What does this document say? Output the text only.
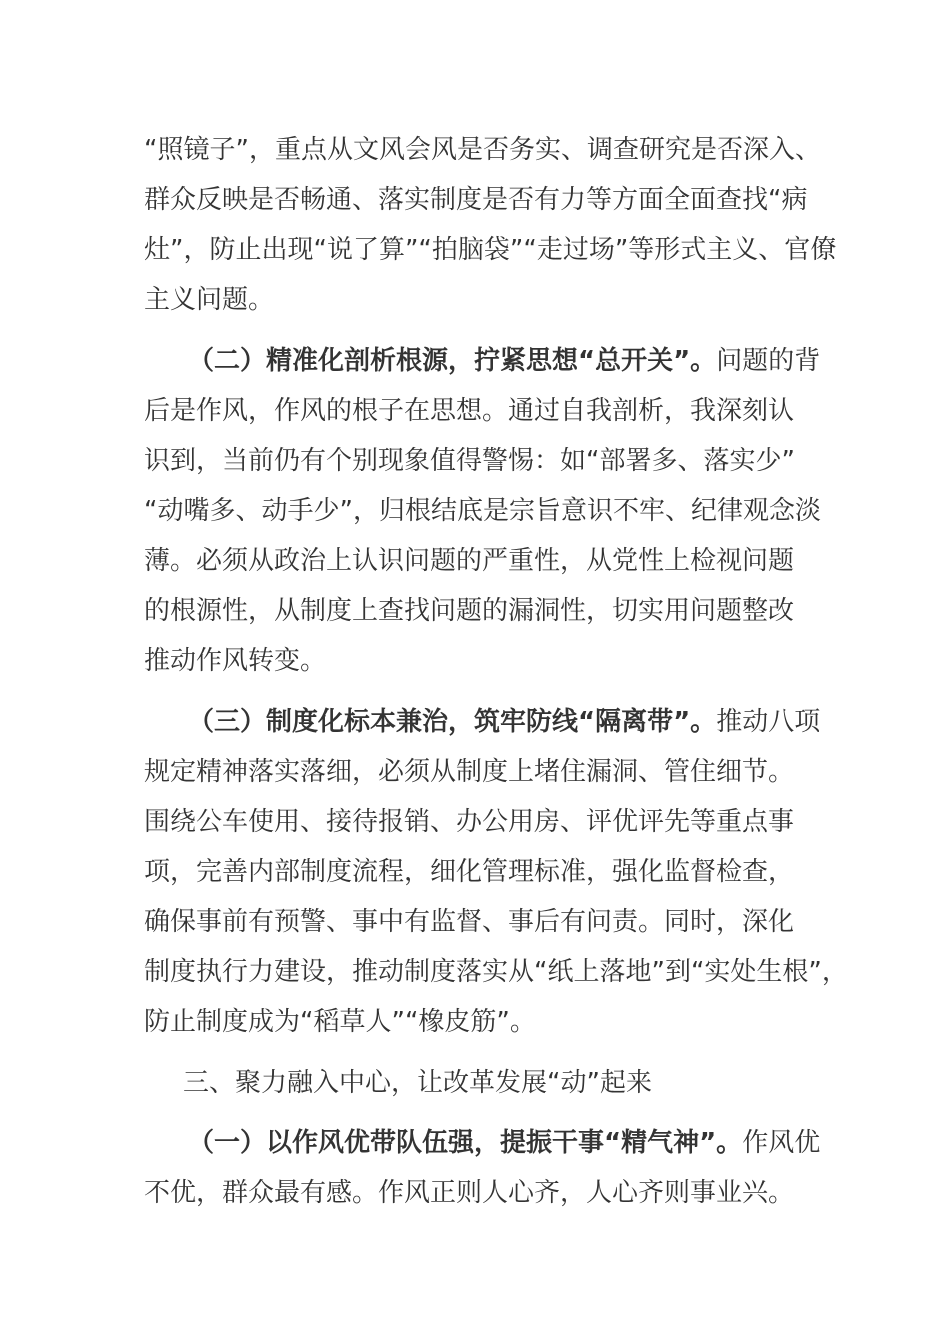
“照镜子”，重点从文风会风是否务实、调查研究是否深入、
群众反映是否畅通、落实制度是否有力等方面全面查找“病
灶”，防止出现“说了算”“拍脑袋”“走过场”等形式主义、官僚
主义问题。
（二）精准化剖析根源，拧紧思想“总开关”。问题的背
后是作风，作风的根子在思想。通过自我剖析，我深刻认
识到，当前仍有个别现象值得警惕：如“部署多、落实少”
“动嘴多、动手少”，归根结底是宗旨意识不牢、纪律观念淡
薄。必须从政治上认识问题的严重性，从党性上检视问题
的根源性，从制度上查找问题的漏洞性，切实用问题整改
推动作风转变。
（三）制度化标本兼治，筑牢防线“隔离带”。推动八项
规定精神落实落细，必须从制度上堵住漏洞、管住细节。
围绕公车使用、接待报销、办公用房、评优评先等重点事
项，完善内部制度流程，细化管理标准，强化监督检查，
确保事前有预警、事中有监督、事后有问责。同时，深化
制度执行力建设，推动制度落实从“纸上落地”到“实处生根”，
防止制度成为“稻草人”“橡皮筋”。
三、聚力融入中心，让改革发展“动”起来
（一）以作风优带队伍强，提振干事“精气神”。作风优
不优，群众最有感。作风正则人心齐，人心齐则事业兴。
